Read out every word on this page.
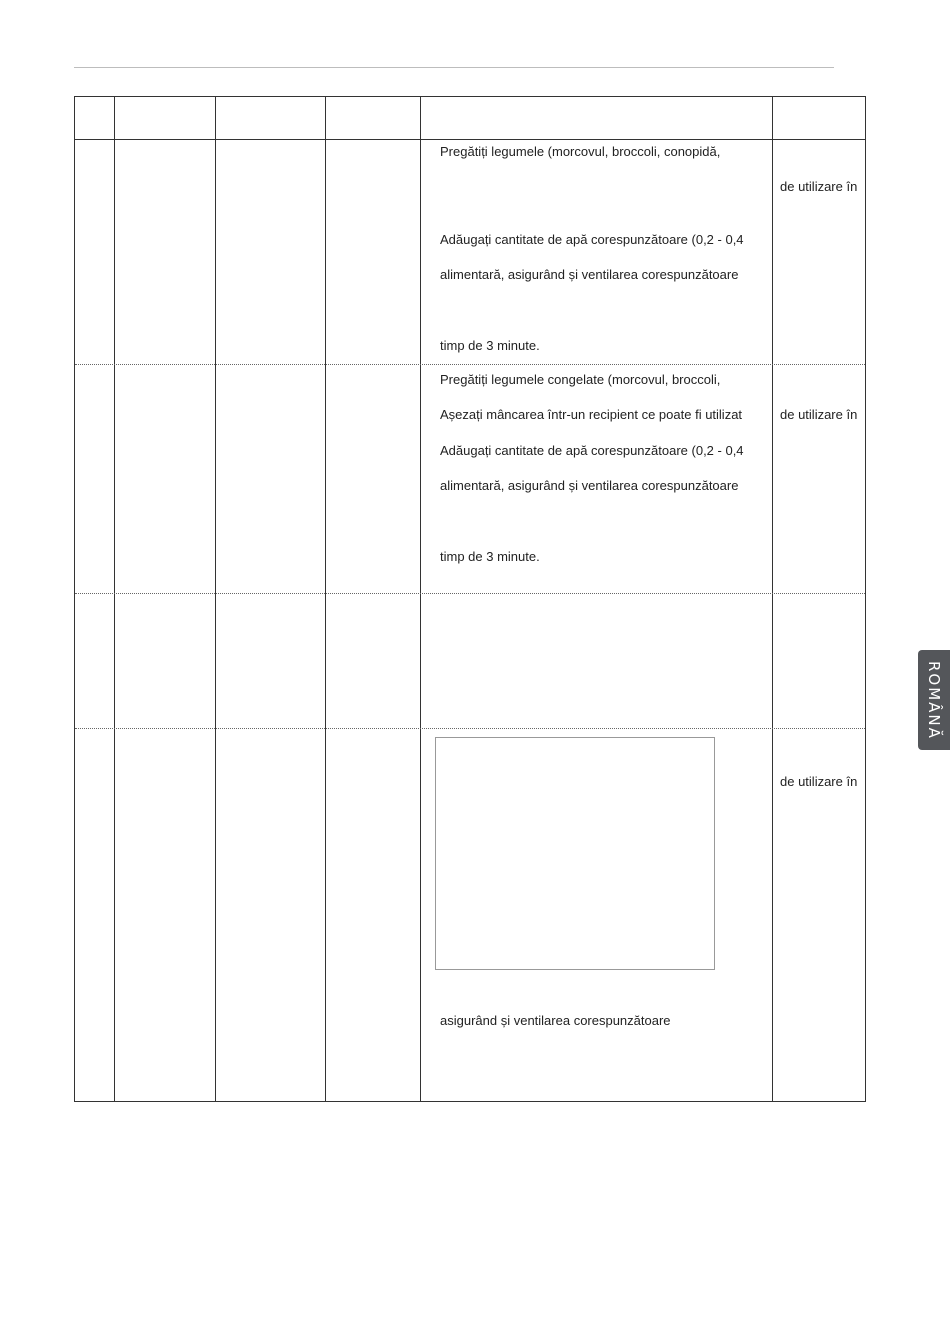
Pregătiți legumele (morcovul, broccoli, conopidă,
de utilizare în
Adăugați cantitate de apă corespunzătoare (0,2 - 0,4
alimentară, asigurând și ventilarea corespunzătoare
timp de 3 minute.
Pregătiți legumele congelate (morcovul, broccoli,
Așezați mâncarea într-un recipient ce poate fi utilizat	de utilizare în
Adăugați cantitate de apă corespunzătoare (0,2 - 0,4
alimentară, asigurând și ventilarea corespunzătoare
timp de 3 minute.
de utilizare în
asigurând și ventilarea corespunzătoare
ROMÂNĂ
